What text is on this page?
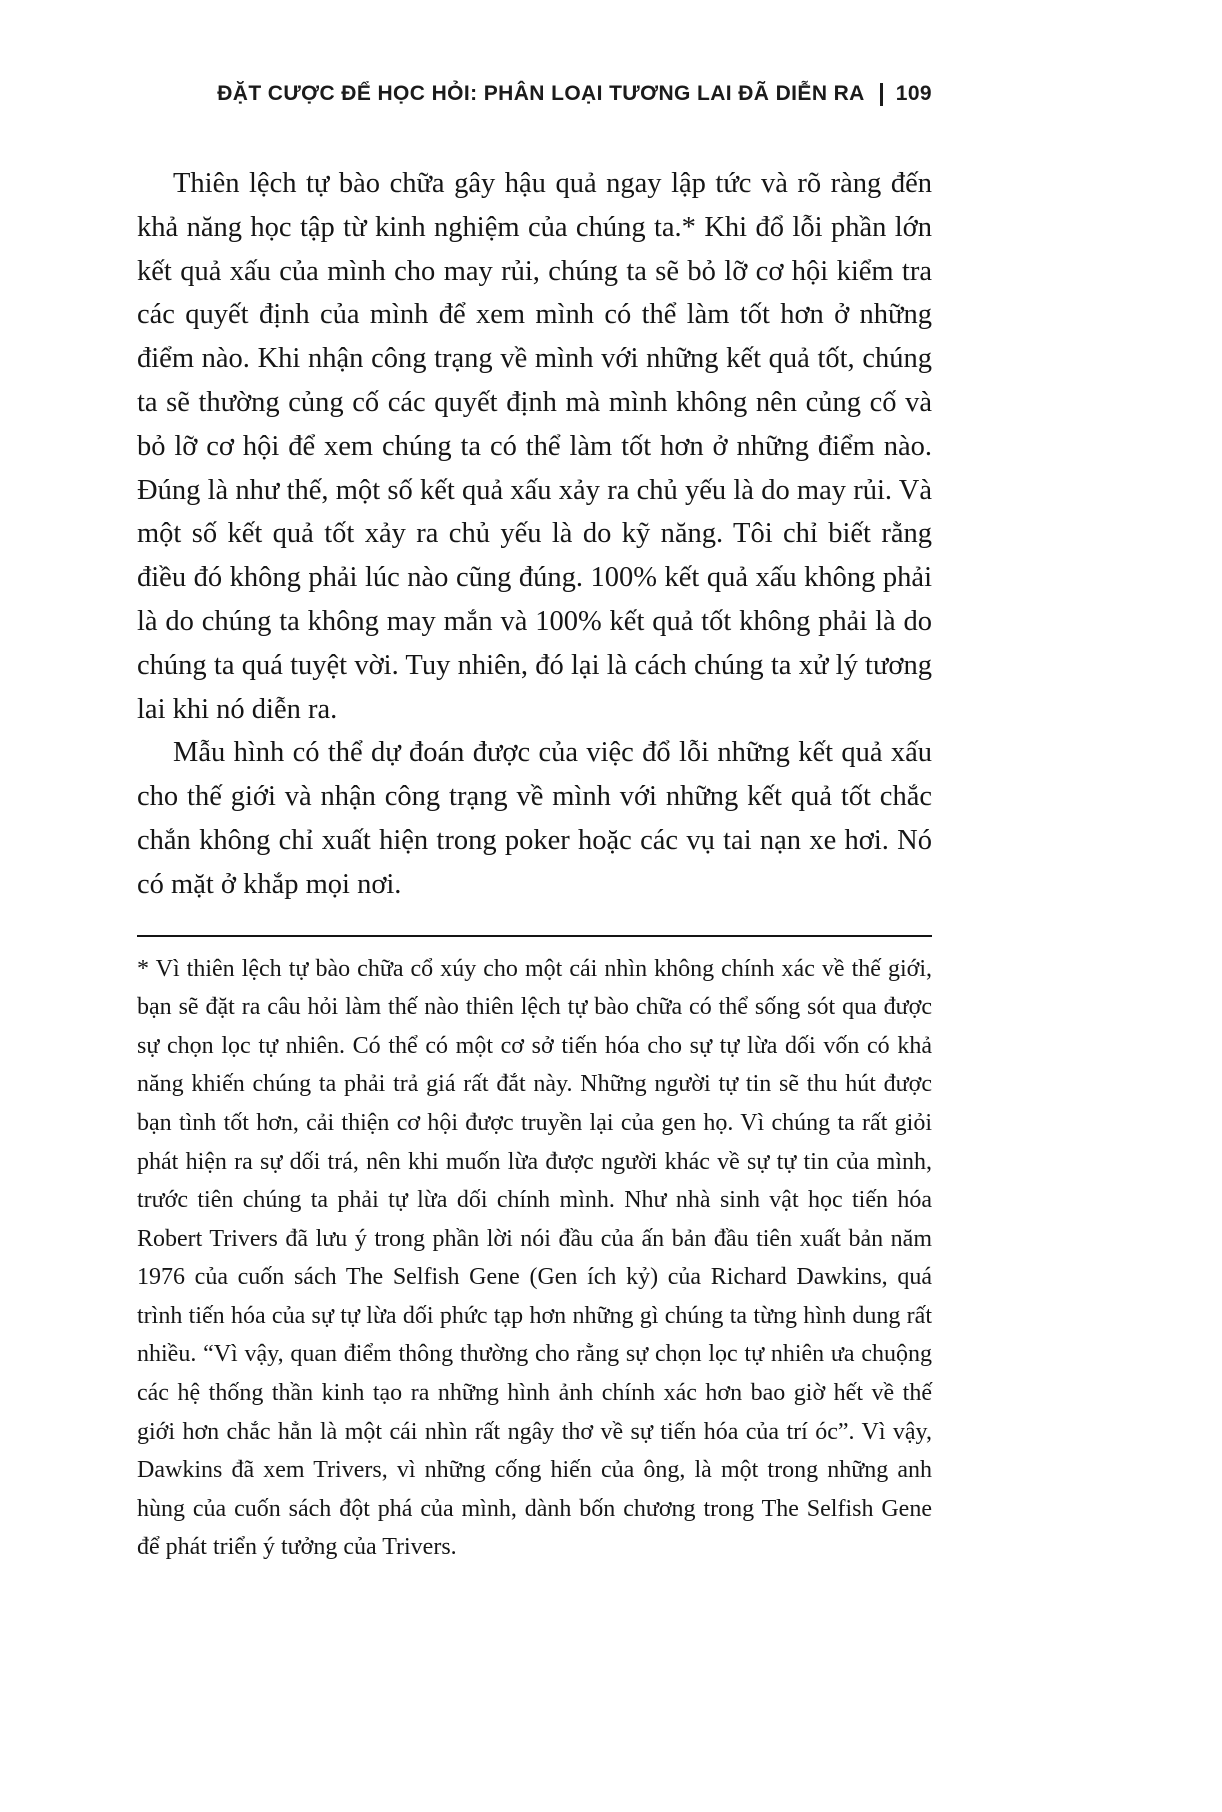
ĐẶT CƯỢC ĐỂ HỌC HỎI: PHÂN LOẠI TƯƠNG LAI ĐÃ DIỄN RA 109

Thiên lệch tự bào chữa gây hậu quả ngay lập tức và rõ ràng đến khả năng học tập từ kinh nghiệm của chúng ta.* Khi đổ lỗi phần lớn kết quả xấu của mình cho may rủi, chúng ta sẽ bỏ lỡ cơ hội kiểm tra các quyết định của mình để xem mình có thể làm tốt hơn ở những điểm nào. Khi nhận công trạng về mình với những kết quả tốt, chúng ta sẽ thường củng cố các quyết định mà mình không nên củng cố và bỏ lỡ cơ hội để xem chúng ta có thể làm tốt hơn ở những điểm nào. Đúng là như thế, một số kết quả xấu xảy ra chủ yếu là do may rủi. Và một số kết quả tốt xảy ra chủ yếu là do kỹ năng. Tôi chỉ biết rằng điều đó không phải lúc nào cũng đúng. 100% kết quả xấu không phải là do chúng ta không may mắn và 100% kết quả tốt không phải là do chúng ta quá tuyệt vời. Tuy nhiên, đó lại là cách chúng ta xử lý tương lai khi nó diễn ra.

Mẫu hình có thể dự đoán được của việc đổ lỗi những kết quả xấu cho thế giới và nhận công trạng về mình với những kết quả tốt chắc chắn không chỉ xuất hiện trong poker hoặc các vụ tai nạn xe hơi. Nó có mặt ở khắp mọi nơi.

* Vì thiên lệch tự bào chữa cổ xúy cho một cái nhìn không chính xác về thế giới, bạn sẽ đặt ra câu hỏi làm thế nào thiên lệch tự bào chữa có thể sống sót qua được sự chọn lọc tự nhiên. Có thể có một cơ sở tiến hóa cho sự tự lừa dối vốn có khả năng khiến chúng ta phải trả giá rất đắt này. Những người tự tin sẽ thu hút được bạn tình tốt hơn, cải thiện cơ hội được truyền lại của gen họ. Vì chúng ta rất giỏi phát hiện ra sự dối trá, nên khi muốn lừa được người khác về sự tự tin của mình, trước tiên chúng ta phải tự lừa dối chính mình. Như nhà sinh vật học tiến hóa Robert Trivers đã lưu ý trong phần lời nói đầu của ấn bản đầu tiên xuất bản năm 1976 của cuốn sách The Selfish Gene (Gen ích kỷ) của Richard Dawkins, quá trình tiến hóa của sự tự lừa dối phức tạp hơn những gì chúng ta từng hình dung rất nhiều. “Vì vậy, quan điểm thông thường cho rằng sự chọn lọc tự nhiên ưa chuộng các hệ thống thần kinh tạo ra những hình ảnh chính xác hơn bao giờ hết về thế giới hơn chắc hẳn là một cái nhìn rất ngây thơ về sự tiến hóa của trí óc”. Vì vậy, Dawkins đã xem Trivers, vì những cống hiến của ông, là một trong những anh hùng của cuốn sách đột phá của mình, dành bốn chương trong The Selfish Gene để phát triển ý tưởng của Trivers.
